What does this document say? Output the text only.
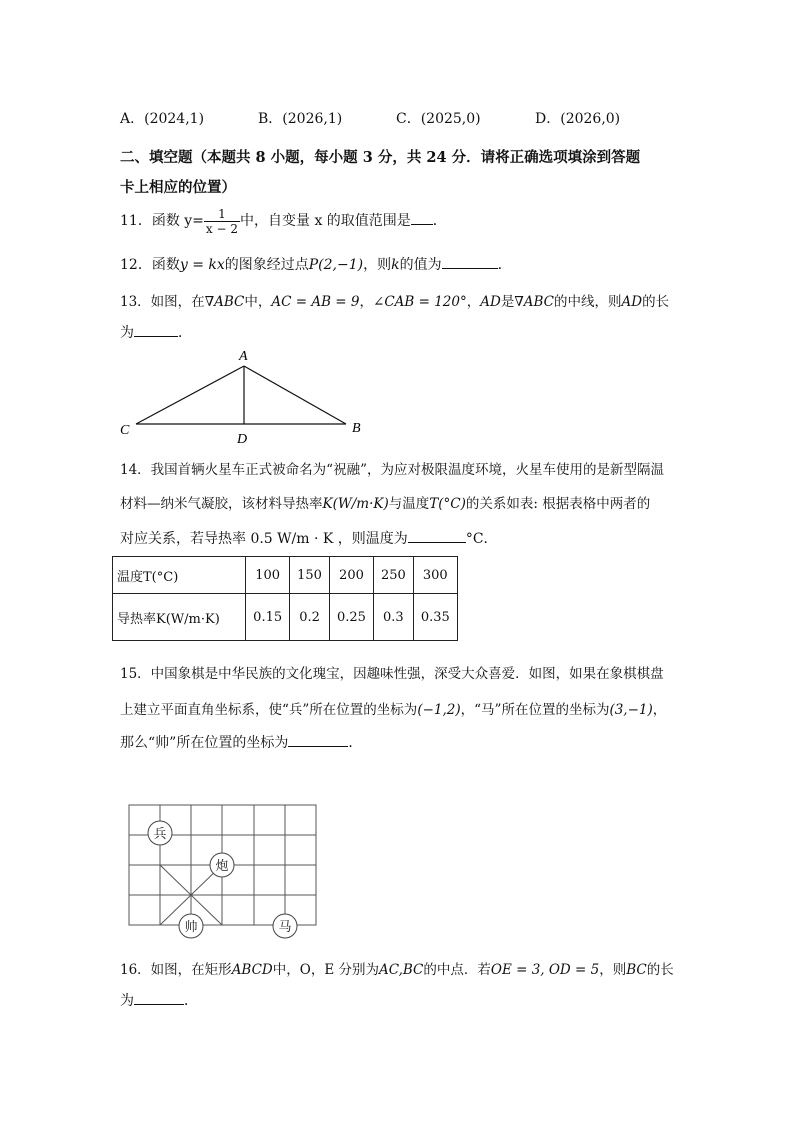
A．(2024,1)	B．(2026,1)	C．(2025,0)	D．(2026,0)
二、填空题（本题共 8 小题，每小题 3 分，共 24 分．请将正确选项填涂到答题
卡上相应的位置）
11．函数 $y= \frac{1}{x - 2}$ 中，自变量 x 的取值范围是 ．
12．函数y = kx的图象经过点P(2,−1)，则k的值为	．
13．如图，在∇ABC中，AC = AB = 9，∠CAB = 120°，AD是∇ABC的中线，则AD的长
为	．
A
C	B
D
14．我国首辆火星车正式被命名为“祝融”，为应对极限温度环境，火星车使用的是新型隔温
材料—纳米气凝胶，该材料导热率K(W/m·K)与温度T(°C)的关系如表: 根据表格中两者的
对应关系，若导热率 0.5 W/m · K ，则温度为	°C．
温度T(°C)	100	150	200	250	300
导热率K(W/m·K)	0.15	0.2	0.25	0.3	0.35
15．中国象棋是中华民族的文化瑰宝，因趣味性强，深受大众喜爱．如图，如果在象棋棋盘
上建立平面直角坐标系，使“兵”所在位置的坐标为(−1,2)，“马”所在位置的坐标为(3,−1)，
那么“帅”所在位置的坐标为	．
兵
炮
帅	马
16．如图，在矩形ABCD中，O，E 分别为AC,BC的中点．若OE = 3, OD = 5，则BC的长
为	．
